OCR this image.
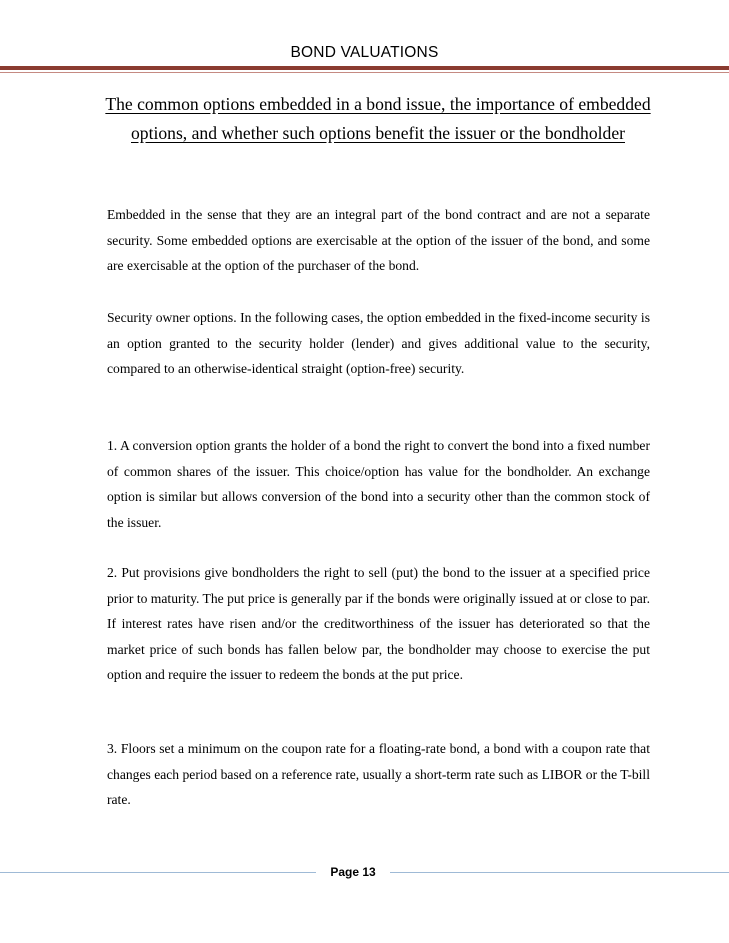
BOND VALUATIONS
The common options embedded in a bond issue, the importance of embedded options, and whether such options benefit the issuer or the bondholder

Embedded in the sense that they are an integral part of the bond contract and are not a separate security. Some embedded options are exercisable at the option of the issuer of the bond, and some are exercisable at the option of the purchaser of the bond.

Security owner options. In the following cases, the option embedded in the fixed-income security is an option granted to the security holder (lender) and gives additional value to the security, compared to an otherwise-identical straight (option-free) security.

1. A conversion option grants the holder of a bond the right to convert the bond into a fixed number of common shares of the issuer. This choice/option has value for the bondholder. An exchange option is similar but allows conversion of the bond into a security other than the common stock of the issuer.

2. Put provisions give bondholders the right to sell (put) the bond to the issuer at a specified price prior to maturity. The put price is generally par if the bonds were originally issued at or close to par. If interest rates have risen and/or the creditworthiness of the issuer has deteriorated so that the market price of such bonds has fallen below par, the bondholder may choose to exercise the put option and require the issuer to redeem the bonds at the put price.

3. Floors set a minimum on the coupon rate for a floating-rate bond, a bond with a coupon rate that changes each period based on a reference rate, usually a short-term rate such as LIBOR or the T-bill rate.

Page 13
